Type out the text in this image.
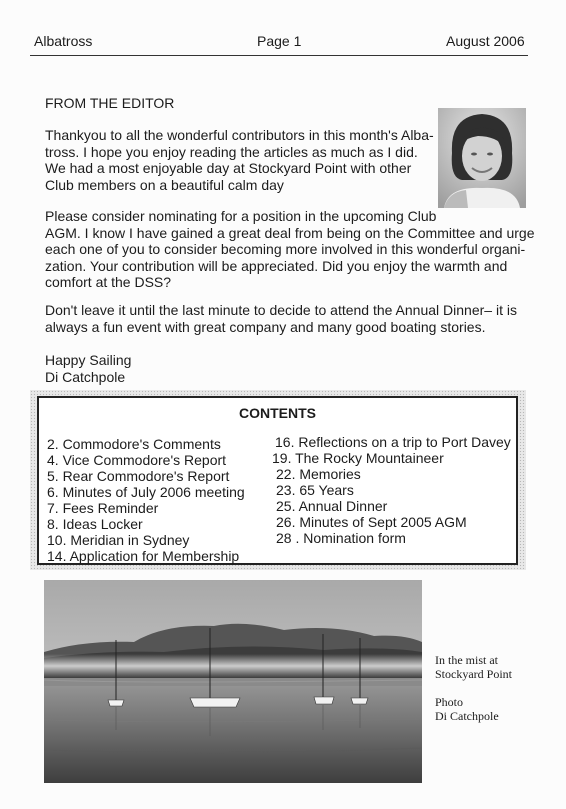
Albatross	Page 1	August 2006
FROM THE EDITOR
Thankyou to all the wonderful contributors in this month's Alba-
tross. I hope you enjoy reading the articles as much as I did.
We had a most enjoyable day at Stockyard Point with other
Club members on a beautiful calm day
Please consider nominating for a position in the upcoming Club
AGM. I know I have gained a great deal from being on the Committee and urge
each one of you to consider becoming more involved in this wonderful organi-
zation. Your contribution will be appreciated. Did you enjoy the warmth and
comfort at the DSS?
Don't leave it until the last minute to decide to attend the Annual Dinner– it is
always a fun event with great company and many good boating stories.
Happy Sailing
Di Catchpole
CONTENTS
2. Commodore's Comments
4. Vice Commodore's Report
5. Rear Commodore's Report
6. Minutes of July 2006 meeting
7. Fees Reminder
8. Ideas Locker
10. Meridian in Sydney
14. Application for Membership
16. Reflections on a trip to Port Davey
19. The Rocky Mountaineer
22. Memories
23. 65 Years
25. Annual Dinner
26. Minutes of Sept 2005 AGM
28 . Nomination form
In the mist at
Stockyard Point
Photo
Di Catchpole
